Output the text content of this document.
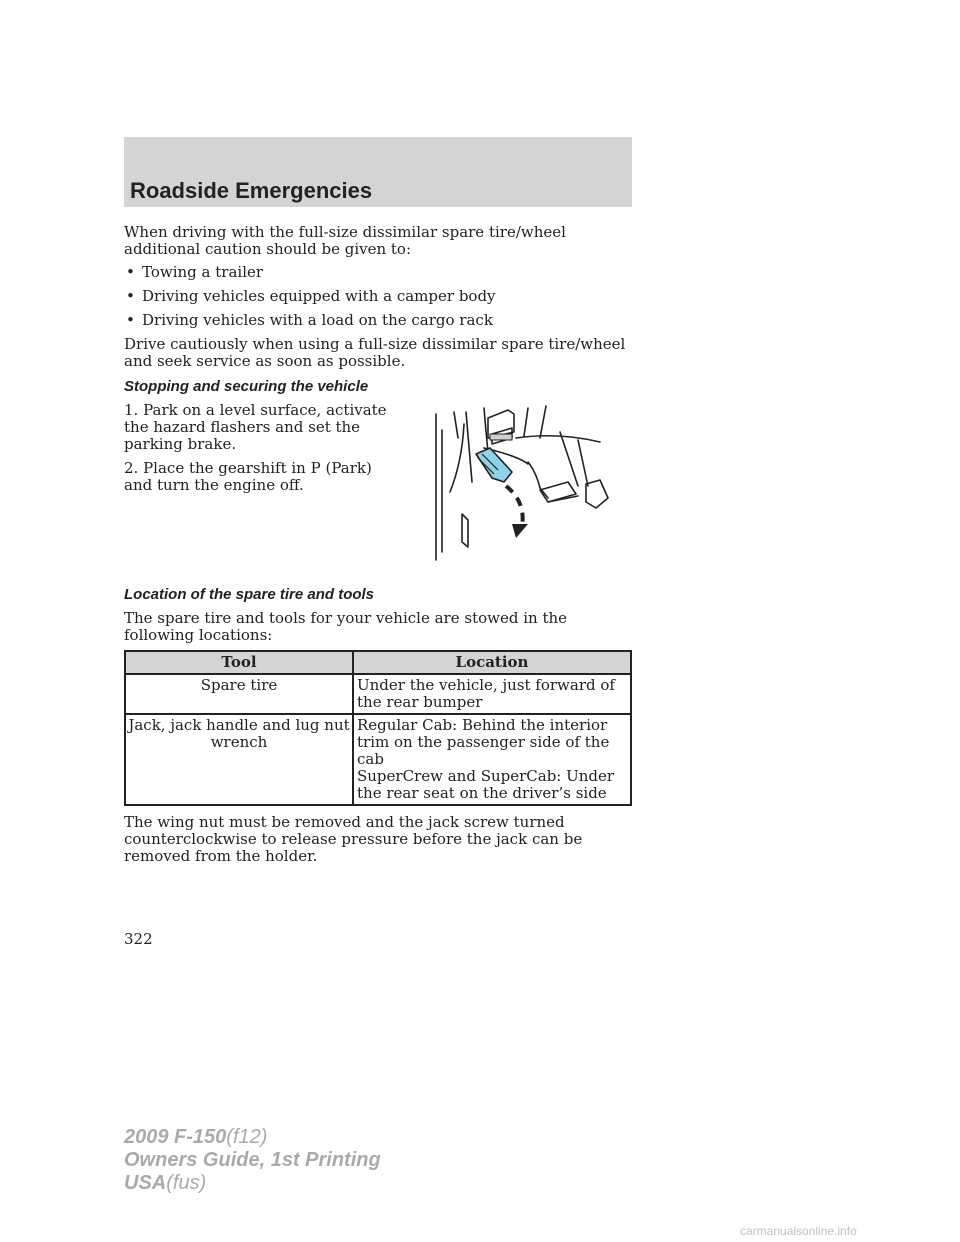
Roadside Emergencies

When driving with the full-size dissimilar spare tire/wheel additional caution should be given to:

• Towing a trailer
• Driving vehicles equipped with a camper body
• Driving vehicles with a load on the cargo rack

Drive cautiously when using a full-size dissimilar spare tire/wheel and seek service as soon as possible.

Stopping and securing the vehicle

1. Park on a level surface, activate the hazard flashers and set the parking brake.

2. Place the gearshift in P (Park) and turn the engine off.

Location of the spare tire and tools

The spare tire and tools for your vehicle are stowed in the following locations:

Tool	Location
Spare tire	Under the vehicle, just forward of the rear bumper

Jack, jack handle and lug nut wrench	Regular Cab: Behind the interior trim on the passenger side of the cab

SuperCrew and SuperCab: Under the rear seat on the driver’s side

The wing nut must be removed and the jack screw turned counterclockwise to release pressure before the jack can be removed from the holder.

322
2009 F-150(f12)
Owners Guide, 1st Printing
USA(fus)
carmanualsonline.info
